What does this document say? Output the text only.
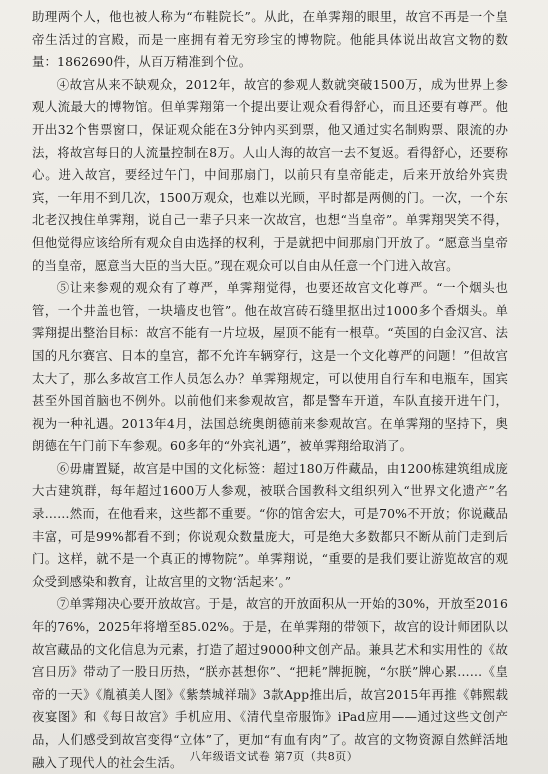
助理两个人，他也被人称为“布鞋院长”。从此，在单霁翔的眼里，故宫不再是一个皇帝生活过的宫殿，而是一座拥有着无穷珍宝的博物院。他能具体说出故宫文物的数量：1862690件，从百万精准到个位。

④故宫从来不缺观众，2012年，故宫的参观人数就突破1500万，成为世界上参观人流最大的博物馆。但单霁翔第一个提出要让观众看得舒心，而且还要有尊严。他开出32个售票窗口，保证观众能在3分钟内买到票，他又通过实名制购票、限流的办法，将故宫每日的人流量控制在8万。人山人海的故宫一去不复返。看得舒心，还要称心。进入故宫，要经过午门，中间那扇门，以前只有皇帝能走，后来开放给外宾贵宾，一年用不到几次，1500万观众，也难以光顾，平时都是两侧的门。一次，一个东北老汉拽住单霁翔，说自己一辈子只来一次故宫，也想“当皇帝”。单霁翔哭笑不得，但他觉得应该给所有观众自由选择的权利，于是就把中间那扇门开放了。“愿意当皇帝的当皇帝，愿意当大臣的当大臣。”现在观众可以自由从任意一个门进入故宫。

⑤让来参观的观众有了尊严，单霁翔觉得，也要还故宫文化尊严。“一个烟头也管，一个井盖也管，一块墙皮也管”。他在故宫砖石缝里抠出过1000多个香烟头。单霁翔提出整治目标：故宫不能有一片垃圾，屋顶不能有一根草。“英国的白金汉宫、法国的凡尔赛宫、日本的皇宫，都不允许车辆穿行，这是一个文化尊严的问题！”但故宫太大了，那么多故宫工作人员怎么办？单霁翔规定，可以使用自行车和电瓶车，国宾甚至外国首脑也不例外。以前他们来参观故宫，都是警车开道，车队直接开进午门，视为一种礼遇。2013年4月，法国总统奥朗德前来参观故宫。在单霁翔的坚持下，奥朗德在午门前下车参观。60多年的“外宾礼遇”，被单霁翔给取消了。

⑥毋庸置疑，故宫是中国的文化标签：超过180万件藏品，由1200栋建筑组成庞大古建筑群，每年超过1600万人参观，被联合国教科文组织列入“世界文化遗产”名录……然而，在他看来，这些都不重要。“你的馆舍宏大，可是70%不开放；你说藏品丰富，可是99%都看不到；你说观众数量庞大，可是绝大多数都只不断从前门走到后门。这样，就不是一个真正的博物院”。单霁翔说，“重要的是我们要让游览故宫的观众受到感染和教育，让故宫里的文物‘活起来’。”

⑦单霁翔决心要开放故宫。于是，故宫的开放面积从一开始的30%，开放至2016年的76%，2025年将增至85.02%。于是，在单霁翔的带领下，故宫的设计师团队以故宫藏品的文化信息为元素，打造了超过9000种文创产品。兼具艺术和实用性的《故宫日历》带动了一股日历热，“朕亦甚想你”、“把耗”牌扼腕，“尔朕”牌心累……《皇帝的一天》《胤禛美人图》《紫禁城祥瑞》3款App推出后，故宫2015年再推《韩熙载夜宴图》和《每日故宫》手机应用、《清代皇帝服饰》iPad应用——通过这些文创产品，人们感受到故宫变得“立体”了，更加“有血有肉”了。故宫的文物资源自然鲜活地融入了现代人的社会生活。 八年级语文试卷 第7页（共8页）
